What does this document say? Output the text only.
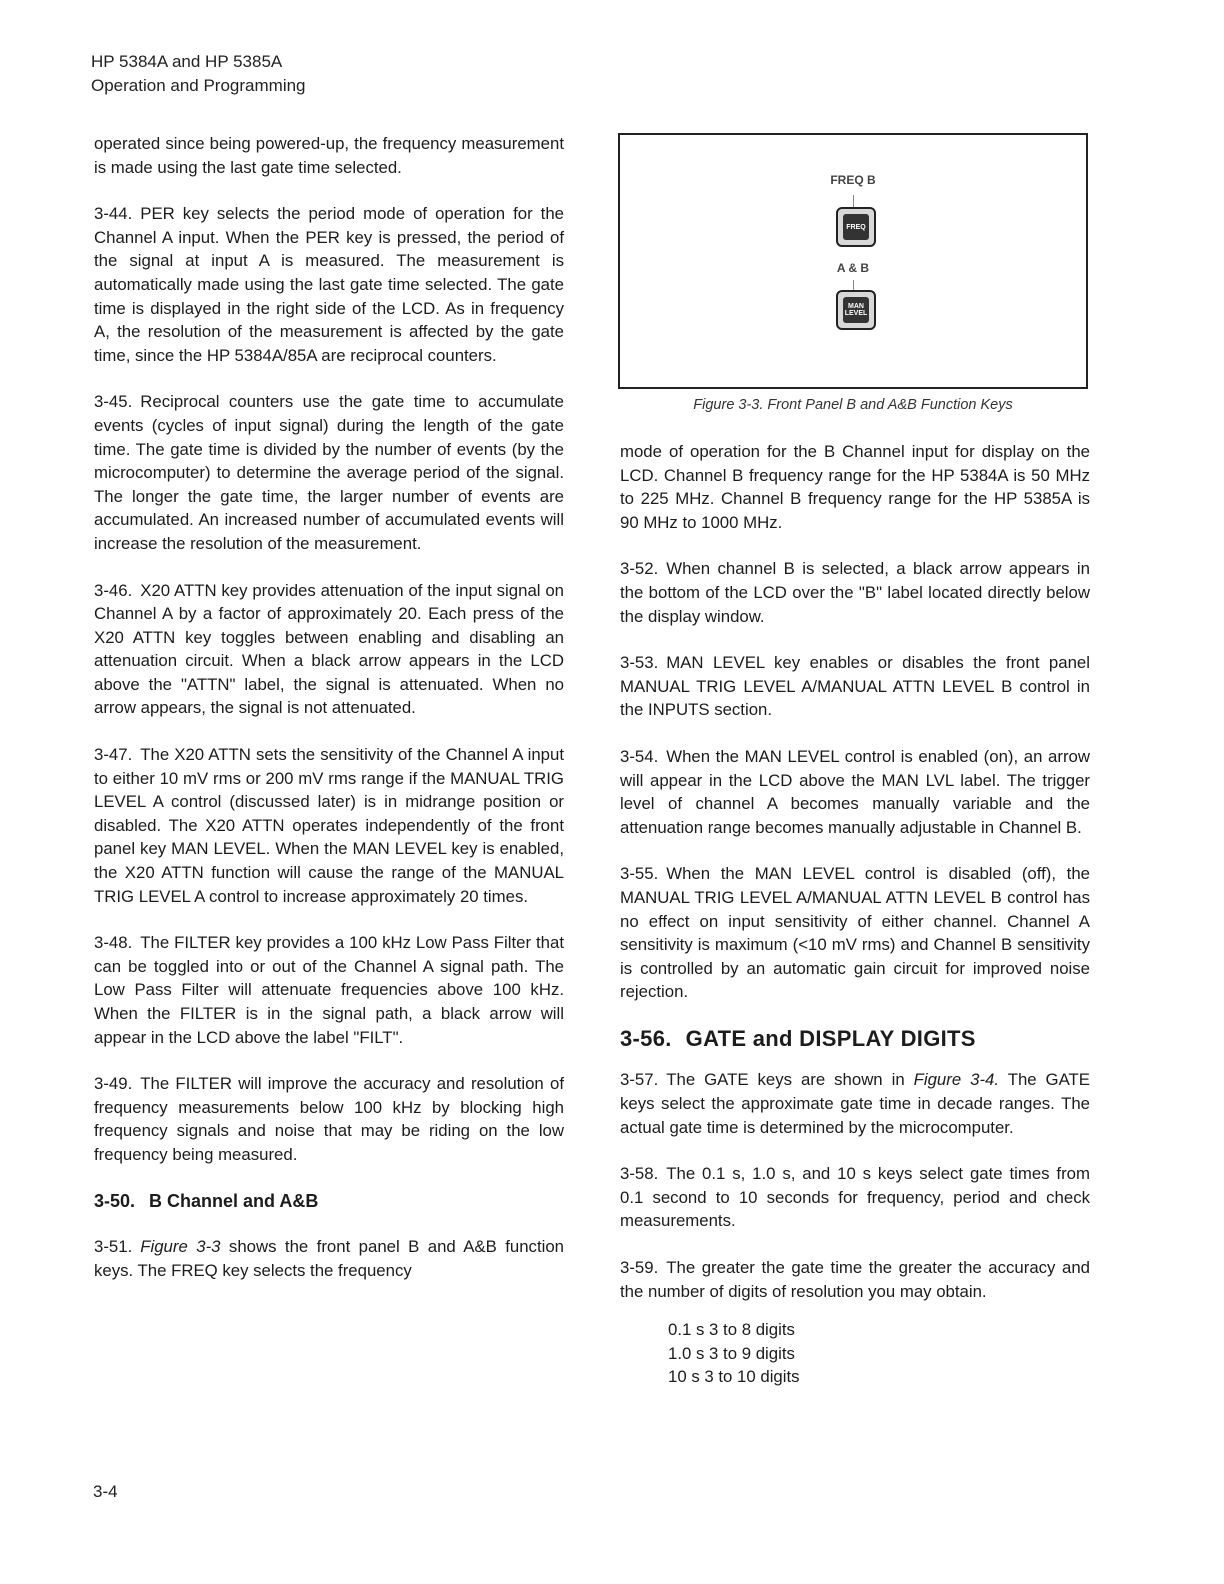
HP 5384A and HP 5385A
Operation and Programming

operated since being powered-up, the frequency measurement is made using the last gate time selected.

3-44. PER key selects the period mode of operation for the Channel A input. When the PER key is pressed, the period of the signal at input A is measured. The measurement is automatically made using the last gate time selected. The gate time is displayed in the right side of the LCD. As in frequency A, the resolution of the measurement is affected by the gate time, since the HP 5384A/85A are reciprocal counters.

3-45. Reciprocal counters use the gate time to accumulate events (cycles of input signal) during the length of the gate time. The gate time is divided by the number of events (by the microcomputer) to determine the average period of the signal. The longer the gate time, the larger number of events are accumulated. An increased number of accumulated events will increase the resolution of the measurement.

3-46. X20 ATTN key provides attenuation of the input signal on Channel A by a factor of approximately 20. Each press of the X20 ATTN key toggles between enabling and disabling an attenuation circuit. When a black arrow appears in the LCD above the "ATTN" label, the signal is attenuated. When no arrow appears, the signal is not attenuated.

3-47. The X20 ATTN sets the sensitivity of the Channel A input to either 10 mV rms or 200 mV rms range if the MANUAL TRIG LEVEL A control (discussed later) is in midrange position or disabled. The X20 ATTN operates independently of the front panel key MAN LEVEL. When the MAN LEVEL key is enabled, the X20 ATTN function will cause the range of the MANUAL TRIG LEVEL A control to increase approximately 20 times.

3-48. The FILTER key provides a 100 kHz Low Pass Filter that can be toggled into or out of the Channel A signal path. The Low Pass Filter will attenuate frequencies above 100 kHz. When the FILTER is in the signal path, a black arrow will appear in the LCD above the label "FILT".

3-49. The FILTER will improve the accuracy and resolution of frequency measurements below 100 kHz by blocking high frequency signals and noise that may be riding on the low frequency being measured.

3-50. B Channel and A&B

3-51. Figure 3-3 shows the front panel B and A&B function keys. The FREQ key selects the frequency

FREQ B
FREQ
A & B
MAN LEVEL
Figure 3-3. Front Panel B and A&B Function Keys

mode of operation for the B Channel input for display on the LCD. Channel B frequency range for the HP 5384A is 50 MHz to 225 MHz. Channel B frequency range for the HP 5385A is 90 MHz to 1000 MHz.

3-52. When channel B is selected, a black arrow appears in the bottom of the LCD over the "B" label located directly below the display window.

3-53. MAN LEVEL key enables or disables the front panel MANUAL TRIG LEVEL A/MANUAL ATTN LEVEL B control in the INPUTS section.

3-54. When the MAN LEVEL control is enabled (on), an arrow will appear in the LCD above the MAN LVL label. The trigger level of channel A becomes manually variable and the attenuation range becomes manually adjustable in Channel B.

3-55. When the MAN LEVEL control is disabled (off), the MANUAL TRIG LEVEL A/MANUAL ATTN LEVEL B control has no effect on input sensitivity of either channel. Channel A sensitivity is maximum (<10 mV rms) and Channel B sensitivity is controlled by an automatic gain circuit for improved noise rejection.

3-56. GATE and DISPLAY DIGITS

3-57. The GATE keys are shown in Figure 3-4. The GATE keys select the approximate gate time in decade ranges. The actual gate time is determined by the microcomputer.

3-58. The 0.1 s, 1.0 s, and 10 s keys select gate times from 0.1 second to 10 seconds for frequency, period and check measurements.

3-59. The greater the gate time the greater the accuracy and the number of digits of resolution you may obtain.

0.1 s 3 to 8 digits
1.0 s 3 to 9 digits
10 s 3 to 10 digits
3-4
